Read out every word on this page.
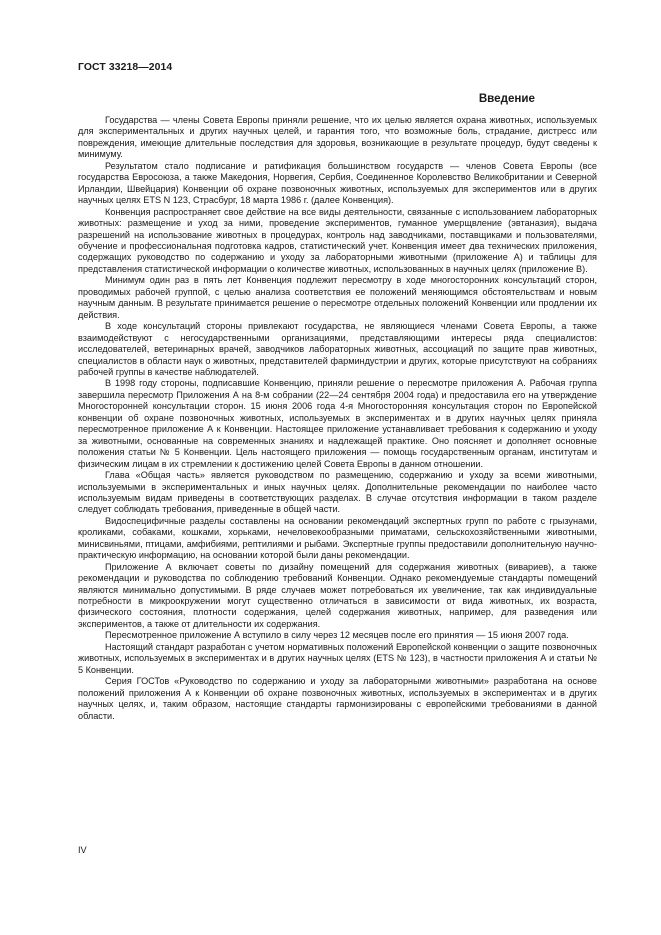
ГОСТ 33218—2014

Введение

Государства — члены Совета Европы приняли решение, что их целью является охрана животных, используемых для экспериментальных и других научных целей, и гарантия того, что возможные боль, страдание, дистресс или повреждения, имеющие длительные последствия для здоровья, возникающие в результате процедур, будут сведены к минимуму.

Результатом стало подписание и ратификация большинством государств — членов Совета Европы (все государства Евросоюза, а также Македония, Норвегия, Сербия, Соединенное Королевство Великобритании и Северной Ирландии, Швейцария) Конвенции об охране позвоночных животных, используемых для экспериментов или в других научных целях ETS N 123, Страсбург, 18 марта 1986 г. (далее Конвенция).

Конвенция распространяет свое действие на все виды деятельности, связанные с использованием лабораторных животных: размещение и уход за ними, проведение экспериментов, гуманное умерщвление (эвтаназия), выдача разрешений на использование животных в процедурах, контроль над заводчиками, поставщиками и пользователями, обучение и профессиональная подготовка кадров, статистический учет. Конвенция имеет два технических приложения, содержащих руководство по содержанию и уходу за лабораторными животными (приложение А) и таблицы для представления статистической информации о количестве животных, использованных в научных целях (приложение В).

Минимум один раз в пять лет Конвенция подлежит пересмотру в ходе многосторонних консультаций сторон, проводимых рабочей группой, с целью анализа соответствия ее положений меняющимся обстоятельствам и новым научным данным. В результате принимается решение о пересмотре отдельных положений Конвенции или продлении их действия.

В ходе консультаций стороны привлекают государства, не являющиеся членами Совета Европы, а также взаимодействуют с негосударственными организациями, представляющими интересы ряда специалистов: исследователей, ветеринарных врачей, заводчиков лабораторных животных, ассоциаций по защите прав животных, специалистов в области наук о животных, представителей фарминдустрии и других, которые присутствуют на собраниях рабочей группы в качестве наблюдателей.

В 1998 году стороны, подписавшие Конвенцию, приняли решение о пересмотре приложения А. Рабочая группа завершила пересмотр Приложения А на 8-м собрании (22—24 сентября 2004 года) и предоставила его на утверждение Многосторонней консультации сторон. 15 июня 2006 года 4-я Многосторонняя консультация сторон по Европейской конвенции об охране позвоночных животных, используемых в экспериментах и в других научных целях приняла пересмотренное приложение А к Конвенции. Настоящее приложение устанавливает требования к содержанию и уходу за животными, основанные на современных знаниях и надлежащей практике. Оно поясняет и дополняет основные положения статьи № 5 Конвенции. Цель настоящего приложения — помощь государственным органам, институтам и физическим лицам в их стремлении к достижению целей Совета Европы в данном отношении.

Глава «Общая часть» является руководством по размещению, содержанию и уходу за всеми животными, используемыми в экспериментальных и иных научных целях. Дополнительные рекомендации по наиболее часто используемым видам приведены в соответствующих разделах. В случае отсутствия информации в таком разделе следует соблюдать требования, приведенные в общей части.

Видоспецифичные разделы составлены на основании рекомендаций экспертных групп по работе с грызунами, кроликами, собаками, кошками, хорьками, нечеловекообразными приматами, сельскохозяйственными животными, минисвиньями, птицами, амфибиями, рептилиями и рыбами. Экспертные группы предоставили дополнительную научно-практическую информацию, на основании которой были даны рекомендации.

Приложение А включает советы по дизайну помещений для содержания животных (вивариев), а также рекомендации и руководства по соблюдению требований Конвенции. Однако рекомендуемые стандарты помещений являются минимально допустимыми. В ряде случаев может потребоваться их увеличение, так как индивидуальные потребности в микроокружении могут существенно отличаться в зависимости от вида животных, их возраста, физического состояния, плотности содержания, целей содержания животных, например, для разведения или экспериментов, а также от длительности их содержания.

Пересмотренное приложение А вступило в силу через 12 месяцев после его принятия — 15 июня 2007 года.

Настоящий стандарт разработан с учетом нормативных положений Европейской конвенции о защите позвоночных животных, используемых в экспериментах и в других научных целях (ETS № 123), в частности приложения А и статьи № 5 Конвенции.

Серия ГОСТов «Руководство по содержанию и уходу за лабораторными животными» разработана на основе положений приложения А к Конвенции об охране позвоночных животных, используемых в экспериментах и в других научных целях, и, таким образом, настоящие стандарты гармонизированы с европейскими требованиями в данной области.

IV
